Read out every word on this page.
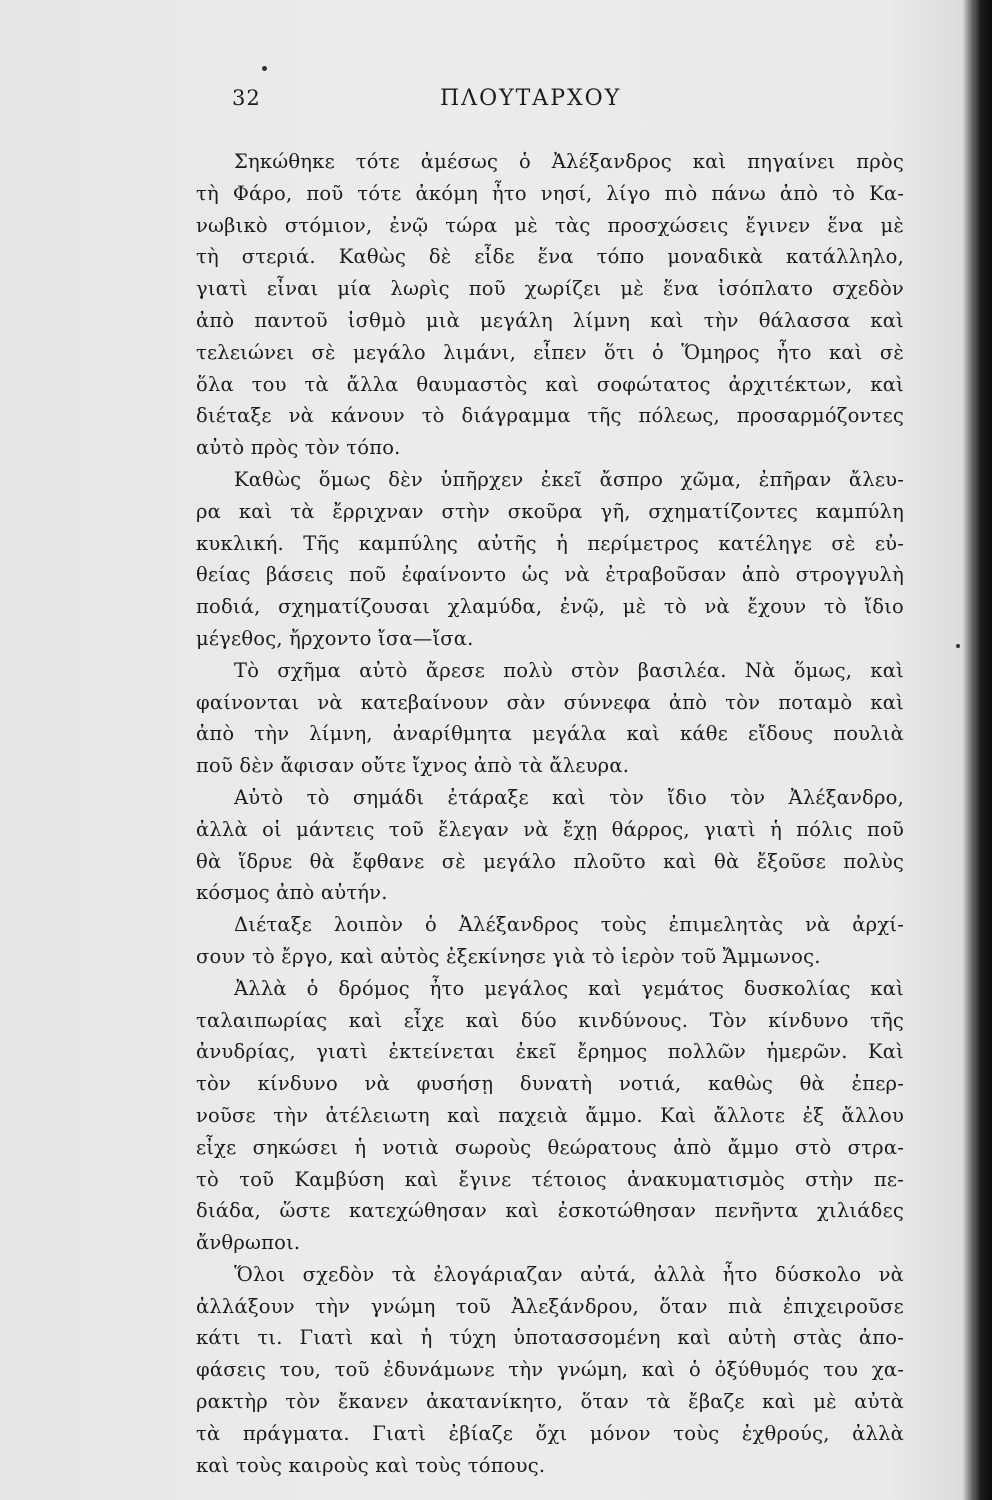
32	ΠΛΟΥΤΑΡΧΟΥ
Σηκώθηκε τότε ἀμέσως ὁ Ἀλέξανδρος καὶ πηγαίνει πρὸς
τὴ Φάρο, ποῦ τότε ἀκόμη ἦτο νησί, λίγο πιὸ πάνω ἀπὸ τὸ Κα-
νωβικὸ στόμιον, ἐνῷ τώρα μὲ τὰς προσχώσεις ἔγινεν ἕνα μὲ
τὴ στεριά. Καθὼς δὲ εἶδε ἕνα τόπο μοναδικὰ κατάλληλο,
γιατὶ εἶναι μία λωρὶς ποῦ χωρίζει μὲ ἕνα ἰσόπλατο σχεδὸν
ἀπὸ παντοῦ ἰσθμὸ μιὰ μεγάλη λίμνη καὶ τὴν θάλασσα καὶ
τελειώνει σὲ μεγάλο λιμάνι, εἶπεν ὅτι ὁ Ὅμηρος ἦτο καὶ σὲ
ὅλα του τὰ ἄλλα θαυμαστὸς καὶ σοφώτατος ἀρχιτέκτων, καὶ
διέταξε νὰ κάνουν τὸ διάγραμμα τῆς πόλεως, προσαρμόζοντες
αὐτὸ πρὸς τὸν τόπο.
Καθὼς ὅμως δὲν ὑπῆρχεν ἐκεῖ ἄσπρο χῶμα, ἐπῆραν ἄλευ-
ρα καὶ τὰ ἔρριχναν στὴν σκοῦρα γῆ, σχηματίζοντες καμπύλη
κυκλική. Τῆς καμπύλης αὐτῆς ἡ περίμετρος κατέληγε σὲ εὐ-
θείας βάσεις ποῦ ἐφαίνοντο ὡς νὰ ἐτραβοῦσαν ἀπὸ στρογγυλὴ
ποδιά, σχηματίζουσαι χλαμύδα, ἐνῷ, μὲ τὸ νὰ ἔχουν τὸ ἴδιο
μέγεθος, ἤρχοντο ἴσα—ἴσα.
Τὸ σχῆμα αὐτὸ ἄρεσε πολὺ στὸν βασιλέα. Νὰ ὅμως, καὶ
φαίνονται νὰ κατεβαίνουν σὰν σύννεφα ἀπὸ τὸν ποταμὸ καὶ
ἀπὸ τὴν λίμνη, ἀναρίθμητα μεγάλα καὶ κάθε εἴδους πουλιὰ
ποῦ δὲν ἄφισαν οὔτε ἴχνος ἀπὸ τὰ ἄλευρα.
Αὐτὸ τὸ σημάδι ἐτάραξε καὶ τὸν ἴδιο τὸν Ἀλέξανδρο,
ἀλλὰ οἱ μάντεις τοῦ ἔλεγαν νὰ ἔχῃ θάρρος, γιατὶ ἡ πόλις ποῦ
θὰ ἵδρυε θὰ ἔφθανε σὲ μεγάλο πλοῦτο καὶ θὰ ἔξοῦσε πολὺς
κόσμος ἀπὸ αὐτήν.
Διέταξε λοιπὸν ὁ Ἀλέξανδρος τοὺς ἐπιμελητὰς νὰ ἀρχί-
σουν τὸ ἔργο, καὶ αὐτὸς ἐξεκίνησε γιὰ τὸ ἱερὸν τοῦ Ἄμμωνος.
Ἀλλὰ ὁ δρόμος ἦτο μεγάλος καὶ γεμάτος δυσκολίας καὶ
ταλαιπωρίας καὶ εἶχε καὶ δύο κινδύνους. Τὸν κίνδυνο τῆς
ἀνυδρίας, γιατὶ ἐκτείνεται ἐκεῖ ἔρημος πολλῶν ἡμερῶν. Καὶ
τὸν κίνδυνο νὰ φυσήσῃ δυνατὴ νοτιά, καθὼς θὰ ἐπερ-
νοῦσε τὴν ἀτέλειωτη καὶ παχειὰ ἄμμο. Καὶ ἄλλοτε ἐξ ἄλλου
εἶχε σηκώσει ἡ νοτιὰ σωροὺς θεώρατους ἀπὸ ἄμμο στὸ στρα-
τὸ τοῦ Καμβύση καὶ ἔγινε τέτοιος ἀνακυματισμὸς στὴν πε-
διάδα, ὥστε κατεχώθησαν καὶ ἐσκοτώθησαν πενῆντα χιλιάδες
ἄνθρωποι.
Ὅλοι σχεδὸν τὰ ἐλογάριαζαν αὐτά, ἀλλὰ ἦτο δύσκολο νὰ
ἀλλάξουν τὴν γνώμη τοῦ Ἀλεξάνδρου, ὅταν πιὰ ἐπιχειροῦσε
κάτι τι. Γιατὶ καὶ ἡ τύχη ὑποτασσομένη καὶ αὐτὴ στὰς ἀπο-
φάσεις του, τοῦ ἐδυνάμωνε τὴν γνώμη, καὶ ὁ ὀξύθυμός του χα-
ρακτὴρ τὸν ἔκανεν ἀκατανίκητο, ὅταν τὰ ἔβαζε καὶ μὲ αὐτὰ
τὰ πράγματα. Γιατὶ ἐβίαζε ὄχι μόνον τοὺς ἐχθρούς, ἀλλὰ
καὶ τοὺς καιροὺς καὶ τοὺς τόπους.
